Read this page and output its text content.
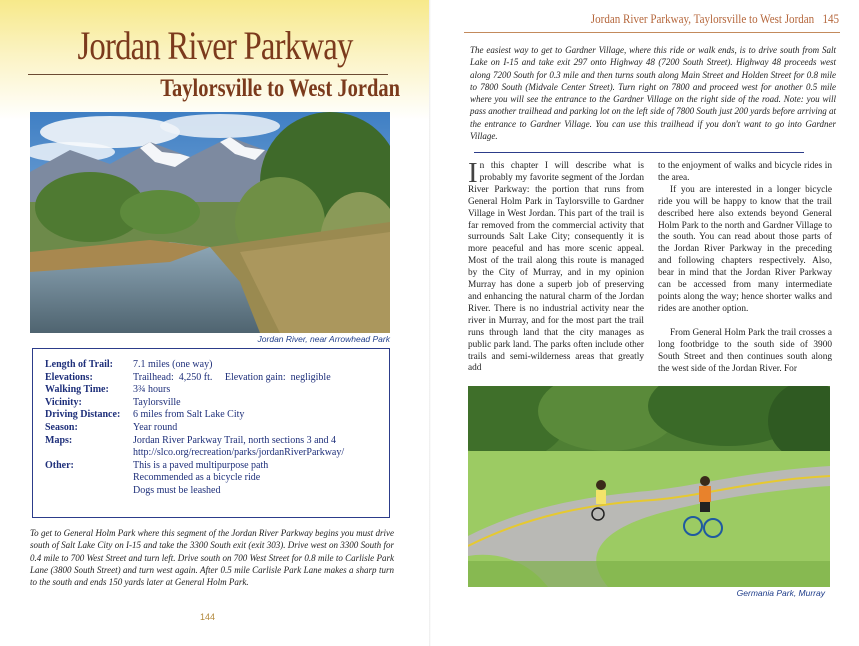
Jordan River Parkway
Taylorsville to West Jordan
Jordan River, near Arrowhead Park
Length of Trail:	7.1 miles (one way)
Elevations:	Trailhead:  4,250 ft.     Elevation gain:  negligible
Walking Time:	3¾ hours
Vicinity:	Taylorsville
Driving Distance:	6 miles from Salt Lake City
Season:	Year round
Maps:	Jordan River Parkway Trail, north sections 3 and 4
http://slco.org/recreation/parks/jordanRiverParkway/
Other:	This is a paved multipurpose path
Recommended as a bicycle ride
Dogs must be leashed
To get to General Holm Park where this segment of the Jordan River Parkway begins you must drive south of Salt Lake City on I-15 and take the 3300 South exit (exit 303). Drive west on 3300 South for 0.4 mile to 700 West Street and turn left. Drive south on 700 West Street for 0.8 mile to Carlisle Park Lane (3800 South Street) and turn west again. After 0.5 mile Carlisle Park Lane makes a sharp turn to the south and ends 150 yards later at General Holm Park.
144
Jordan River Parkway, Taylorsville to West Jordan 145
The easiest way to get to Gardner Village, where this ride or walk ends, is to drive south from Salt Lake on I-15 and take exit 297 onto Highway 48 (7200 South Street). Highway 48 proceeds west along 7200 South for 0.3 mile and then turns south along Main Street and Holden Street for 0.8 mile to 7800 South (Midvale Center Street). Turn right on 7800 and proceed west for another 0.5 mile where you will see the entrance to the Gardner Village on the right side of the road. Note: you will pass another trailhead and parking lot on the left side of 7800 South just 200 yards before arriving at the entrance to Gardner Village. You can use this trailhead if you don't want to go into Gardner Village.
In this chapter I will describe what is probably my favorite segment of the Jordan River Parkway: the portion that runs from General Holm Park in Taylorsville to Gardner Village in West Jordan. This part of the trail is far removed from the commercial activity that surrounds Salt Lake City; consequently it is more peaceful and has more scenic appeal. Most of the trail along this route is managed by the City of Murray, and in my opinion Murray has done a superb job of preserving and enhancing the natural charm of the Jordan River. There is no industrial activity near the river in Murray, and for the most part the trail runs through land that the city manages as public park land. The parks often include other trails and semi-wilderness areas that greatly add
to the enjoyment of walks and bicycle rides in the area.
If you are interested in a longer bicycle ride you will be happy to know that the trail described here also extends beyond General Holm Park to the north and Gardner Village to the south. You can read about those parts of the Jordan River Parkway in the preceding and following chapters respectively. Also, bear in mind that the Jordan River Parkway can be accessed from many intermediate points along the way; hence shorter walks and rides are another option.
From General Holm Park the trail crosses a long footbridge to the south side of 3900 South Street and then continues south along the west side of the Jordan River. For
Germania Park, Murray
